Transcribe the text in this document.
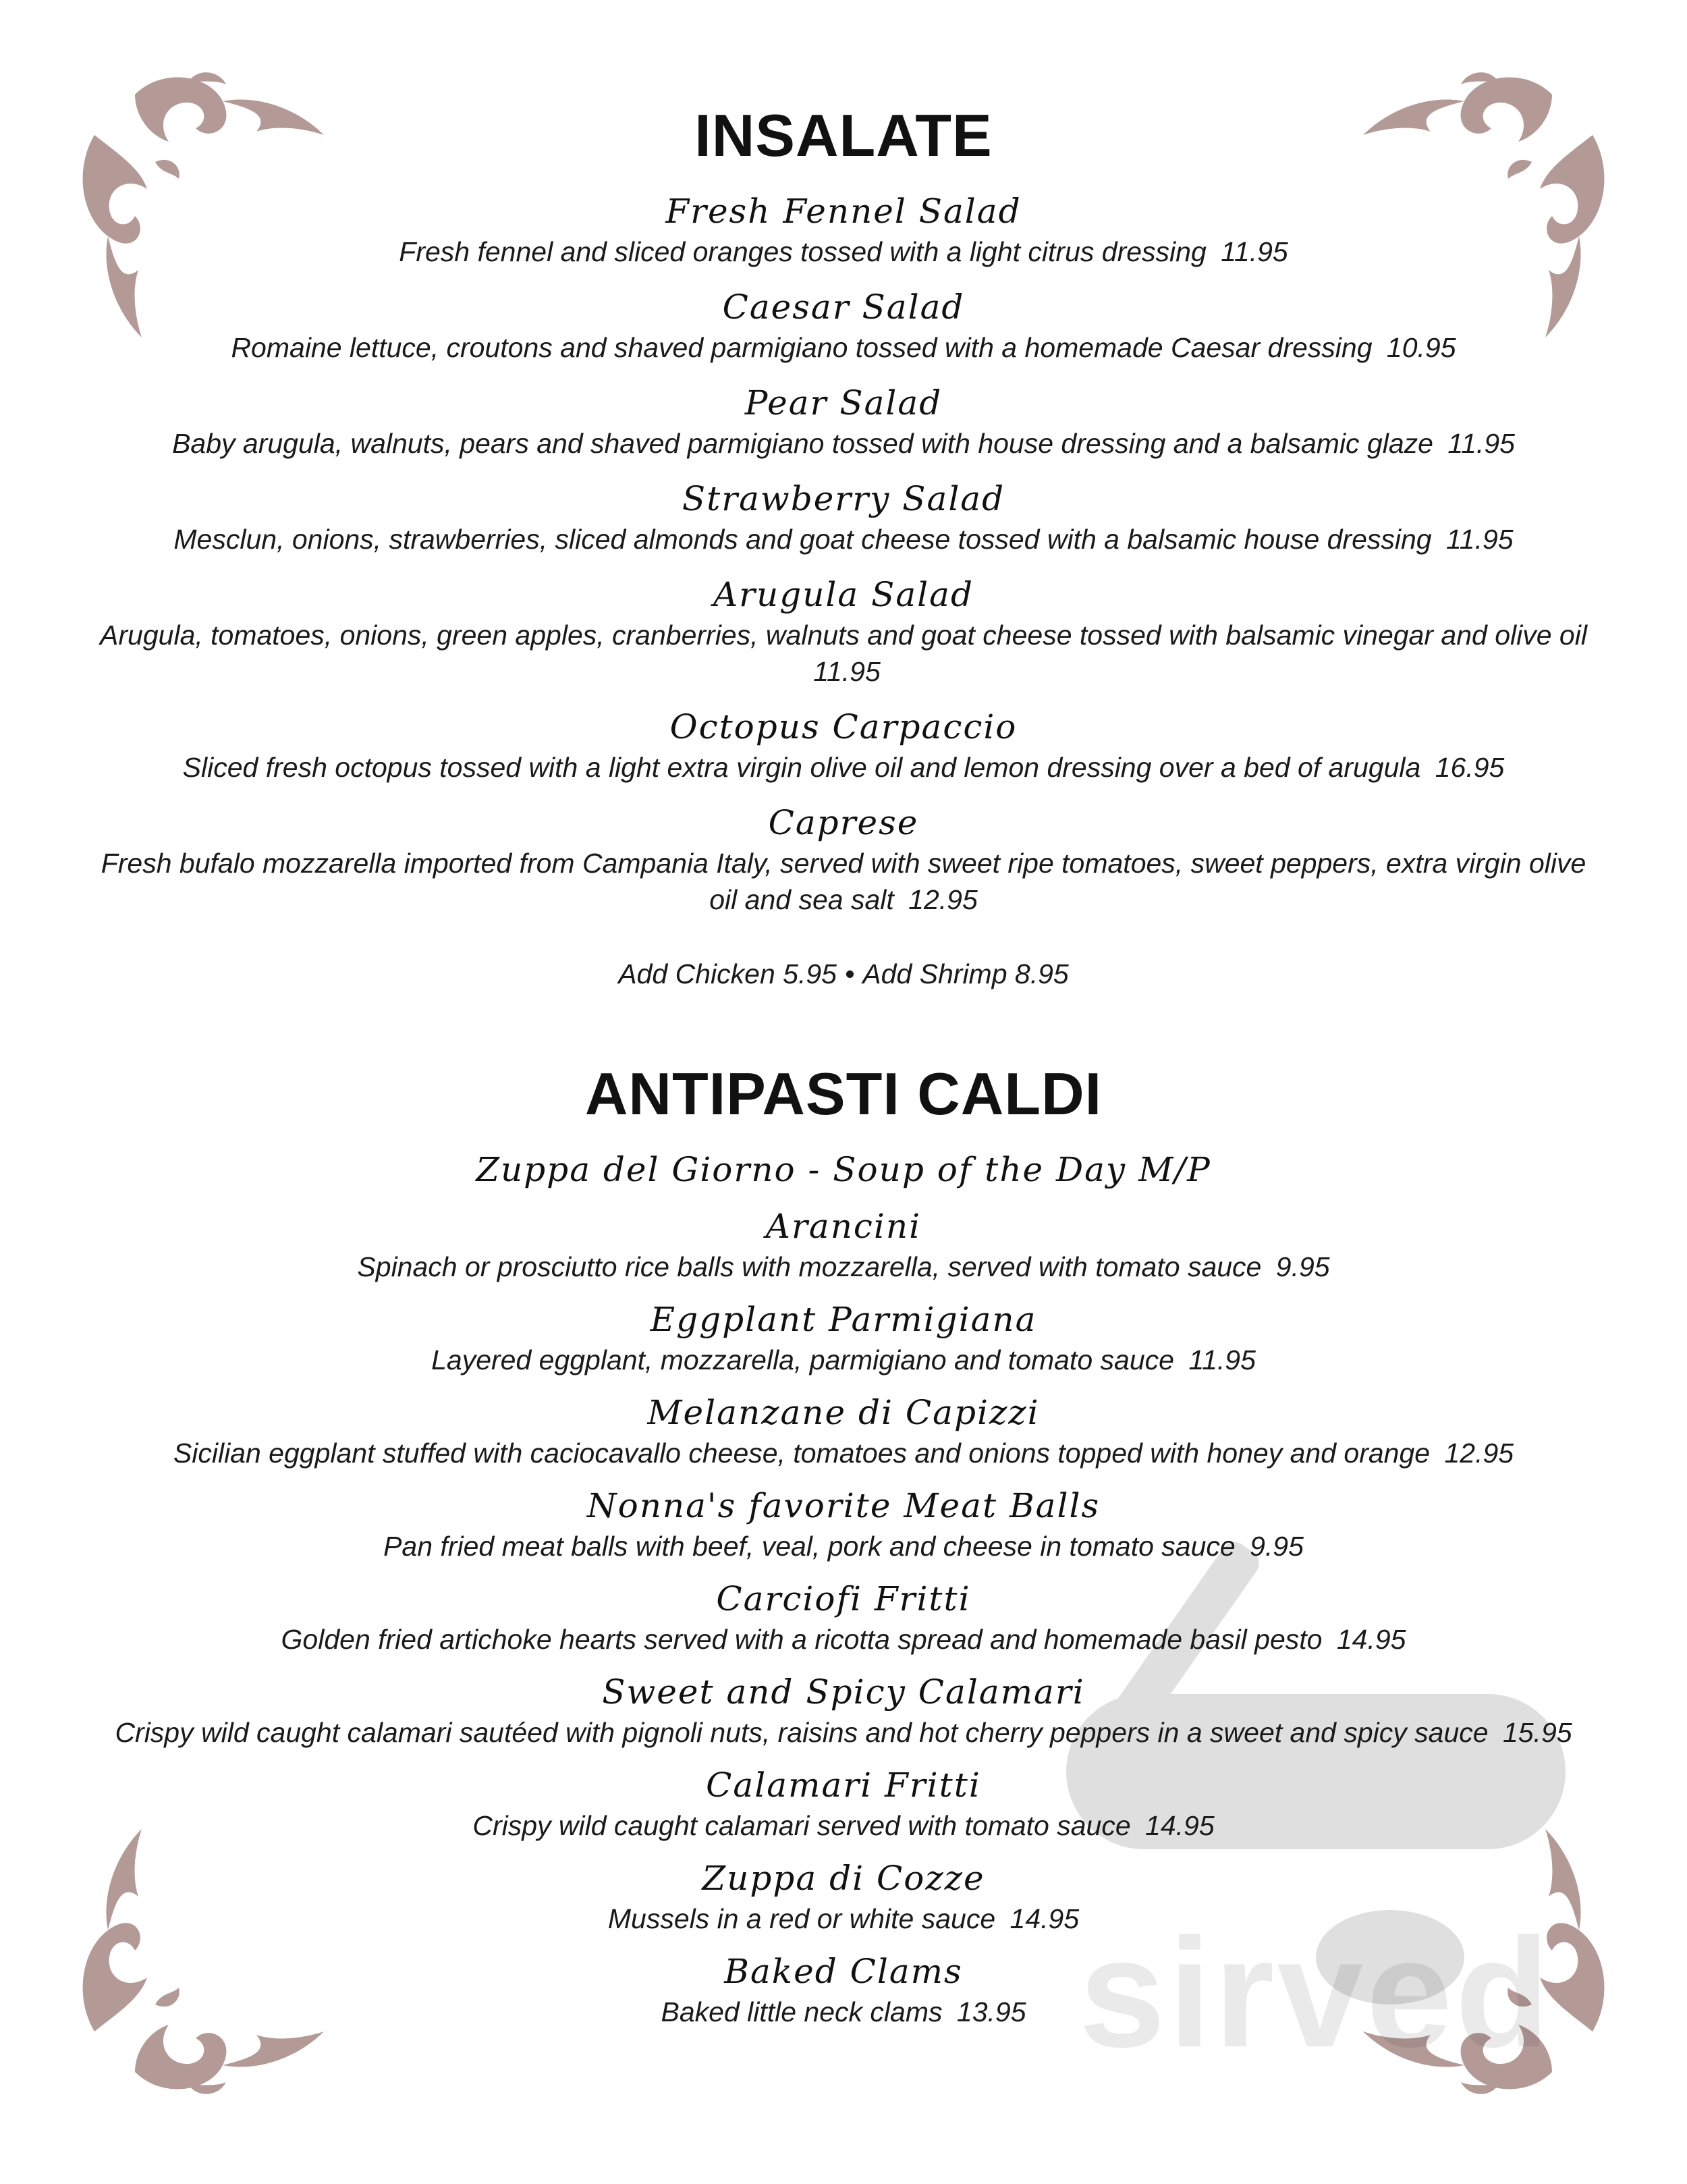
sirved
INSALATE
Fresh Fennel Salad
Fresh fennel and sliced oranges tossed with a light citrus dressing 11.95
Caesar Salad
Romaine lettuce, croutons and shaved parmigiano tossed with a homemade Caesar dressing 10.95
Pear Salad
Baby arugula, walnuts, pears and shaved parmigiano tossed with house dressing and a balsamic glaze 11.95
Strawberry Salad
Mesclun, onions, strawberries, sliced almonds and goat cheese tossed with a balsamic house dressing 11.95
Arugula Salad
Arugula, tomatoes, onions, green apples, cranberries, walnuts and goat cheese tossed with balsamic vinegar and olive oil 11.95
Octopus Carpaccio
Sliced fresh octopus tossed with a light extra virgin olive oil and lemon dressing over a bed of arugula 16.95
Caprese
Fresh bufalo mozzarella imported from Campania Italy, served with sweet ripe tomatoes, sweet peppers, extra virgin olive oil and sea salt 12.95
Add Chicken 5.95 • Add Shrimp 8.95
ANTIPASTI CALDI
Zuppa del Giorno - Soup of the Day M/P
Arancini
Spinach or prosciutto rice balls with mozzarella, served with tomato sauce 9.95
Eggplant Parmigiana
Layered eggplant, mozzarella, parmigiano and tomato sauce 11.95
Melanzane di Capizzi
Sicilian eggplant stuffed with caciocavallo cheese, tomatoes and onions topped with honey and orange 12.95
Nonna's favorite Meat Balls
Pan fried meat balls with beef, veal, pork and cheese in tomato sauce 9.95
Carciofi Fritti
Golden fried artichoke hearts served with a ricotta spread and homemade basil pesto 14.95
Sweet and Spicy Calamari
Crispy wild caught calamari sautéed with pignoli nuts, raisins and hot cherry peppers in a sweet and spicy sauce 15.95
Calamari Fritti
Crispy wild caught calamari served with tomato sauce 14.95
Zuppa di Cozze
Mussels in a red or white sauce 14.95
Baked Clams
Baked little neck clams 13.95
